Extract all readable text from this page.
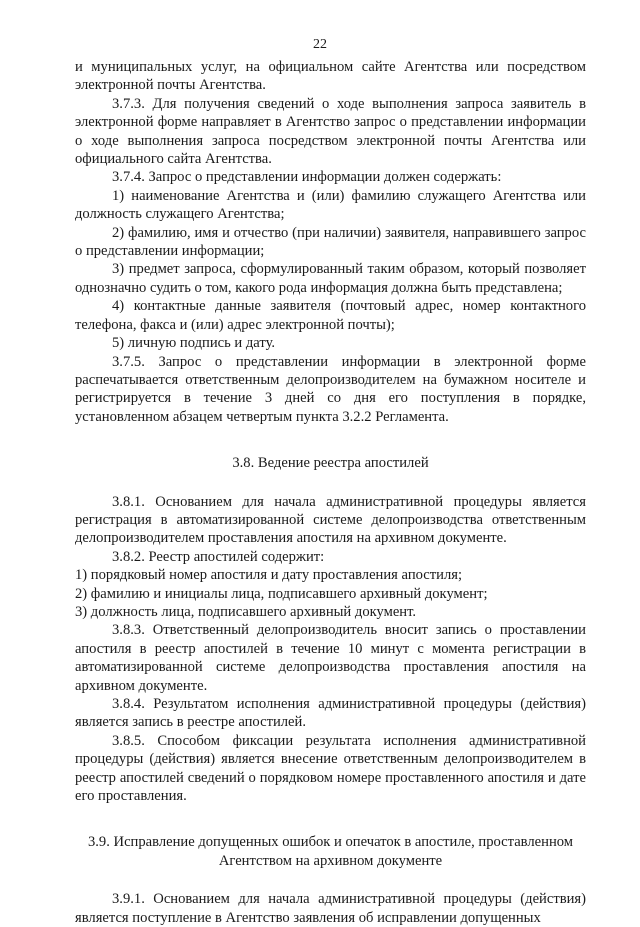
22

и муниципальных услуг, на официальном сайте Агентства или посредством электронной почты Агентства.

3.7.3. Для получения сведений о ходе выполнения запроса заявитель в электронной форме направляет в Агентство запрос о представлении информации о ходе выполнения запроса посредством электронной почты Агентства или официального сайта Агентства.

3.7.4. Запрос о представлении информации должен содержать:

1) наименование Агентства и (или) фамилию служащего Агентства или должность служащего Агентства;

2) фамилию, имя и отчество (при наличии) заявителя, направившего запрос о представлении информации;

3) предмет запроса, сформулированный таким образом, который позволяет однозначно судить о том, какого рода информация должна быть представлена;

4) контактные данные заявителя (почтовый адрес, номер контактного телефона, факса и (или) адрес электронной почты);

5) личную подпись и дату.

3.7.5. Запрос о представлении информации в электронной форме распечатывается ответственным делопроизводителем на бумажном носителе и регистрируется в течение 3 дней со дня его поступления в порядке, установленном абзацем четвертым пункта 3.2.2 Регламента.

3.8. Ведение реестра апостилей

3.8.1. Основанием для начала административной процедуры является регистрация в автоматизированной системе делопроизводства ответственным делопроизводителем проставления апостиля на архивном документе.

3.8.2. Реестр апостилей содержит:

1) порядковый номер апостиля и дату проставления апостиля;

2) фамилию и инициалы лица, подписавшего архивный документ;

3) должность лица, подписавшего архивный документ.

3.8.3. Ответственный делопроизводитель вносит запись о проставлении апостиля в реестр апостилей в течение 10 минут с момента регистрации в автоматизированной системе делопроизводства проставления апостиля на архивном документе.

3.8.4. Результатом исполнения административной процедуры (действия) является запись в реестре апостилей.

3.8.5. Способом фиксации результата исполнения административной процедуры (действия) является внесение ответственным делопроизводителем в реестр апостилей сведений о порядковом номере проставленного апостиля и дате его проставления.

3.9. Исправление допущенных ошибок и опечаток в апостиле, проставленном

Агентством на архивном документе

3.9.1. Основанием для начала административной процедуры (действия) является поступление в Агентство заявления об исправлении допущенных
